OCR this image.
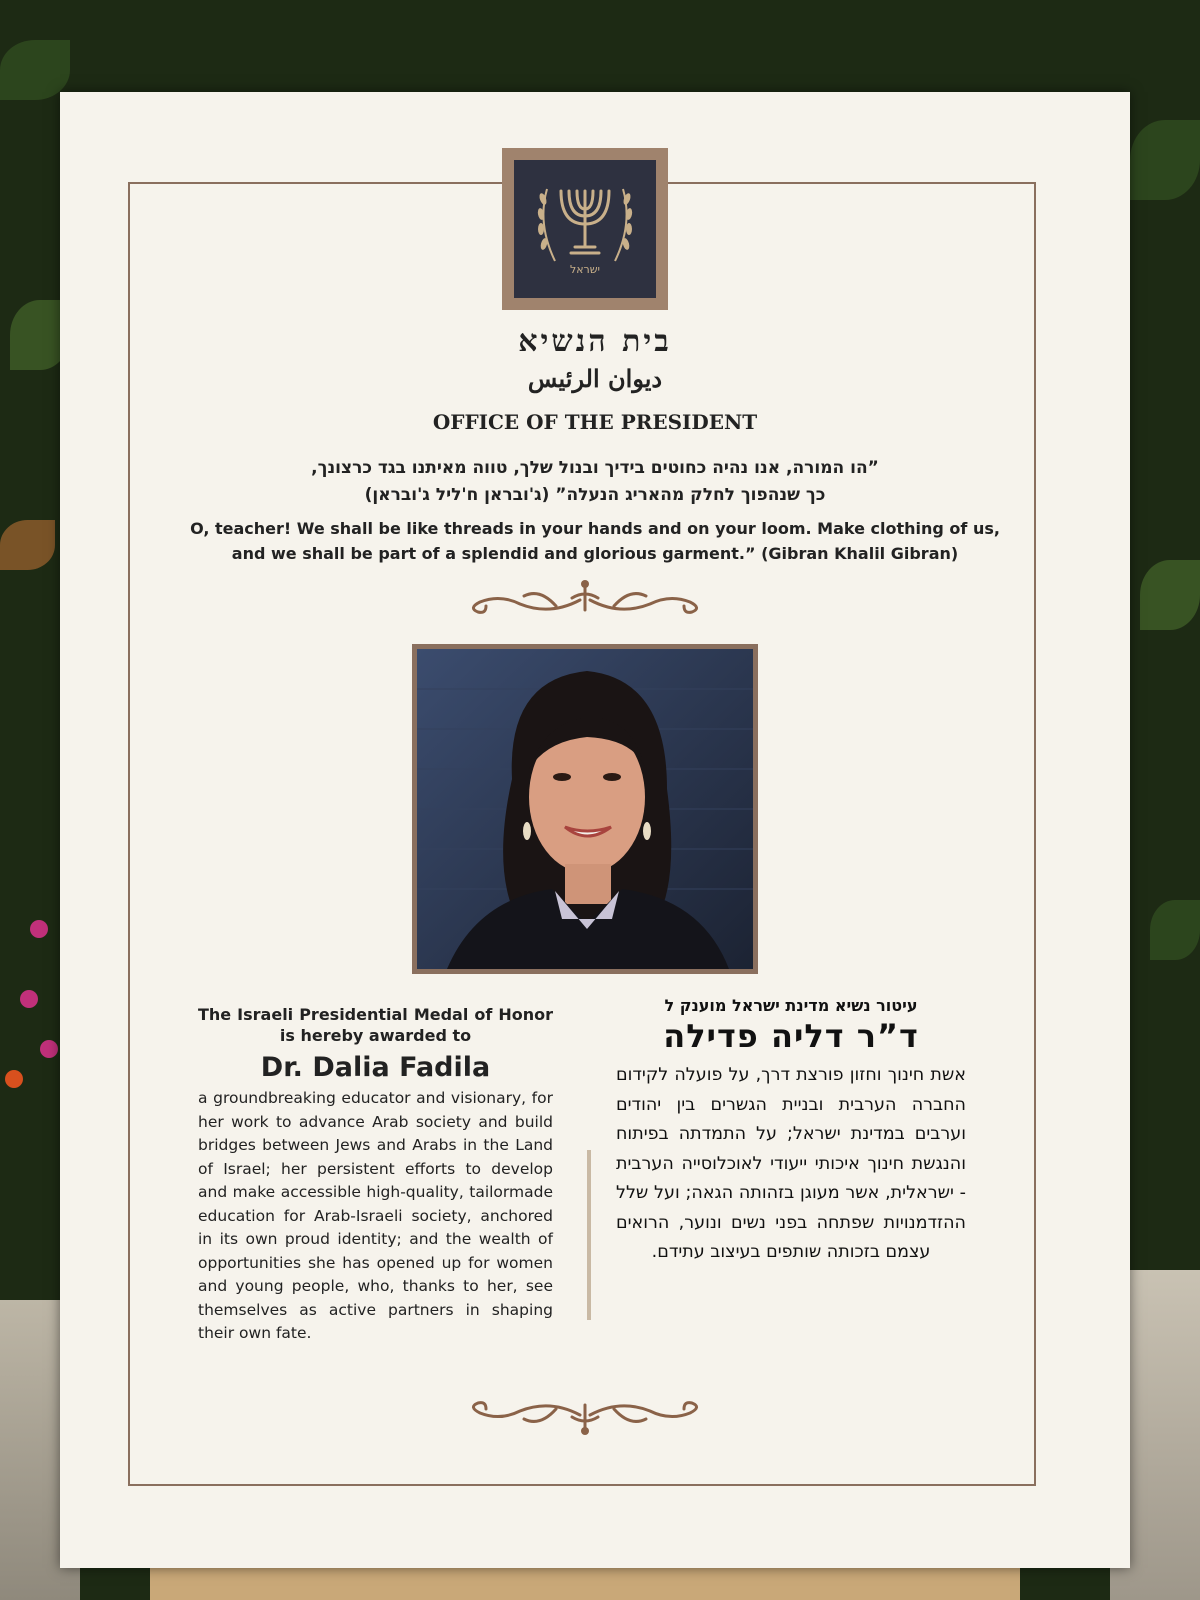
ישראל
בית הנשיא
ديوان الرئيس
OFFICE OF THE PRESIDENT
”הו המורה, אנו נהיה כחוטים בידיך ובנול שלך, טווה מאיתנו בגד כרצונך,
כך שנהפוך לחלק מהאריג הנעלה” (ג'ובראן ח'ליל ג'ובראן)
O, teacher! We shall be like threads in your hands and on your loom. Make clothing of us,
and we shall be part of a splendid and glorious garment.” (Gibran Khalil Gibran)
The Israeli Presidential Medal of Honor is hereby awarded to
Dr. Dalia Fadila
a groundbreaking educator and visionary, for her work to advance Arab society and build bridges between Jews and Arabs in the Land of Israel; her persistent efforts to develop and make accessible high-quality, tailormade education for Arab-Israeli society, anchored in its own proud identity; and the wealth of opportunities she has opened up for women and young people, who, thanks to her, see themselves as active partners in shaping their own fate.
עיטור נשיא מדינת ישראל מוענק ל
ד”ר דליה פדילה
אשת חינוך וחזון פורצת דרך, על פועלה לקידום החברה הערבית ובניית הגשרים בין יהודים וערבים במדינת ישראל; על התמדתה בפיתוח והנגשת חינוך איכותי ייעודי לאוכלוסייה הערבית - ישראלית, אשר מעוגן בזהותה הגאה; ועל שלל ההזדמנויות שפתחה בפני נשים ונוער, הרואים עצמם בזכותה שותפים בעיצוב עתידם.
